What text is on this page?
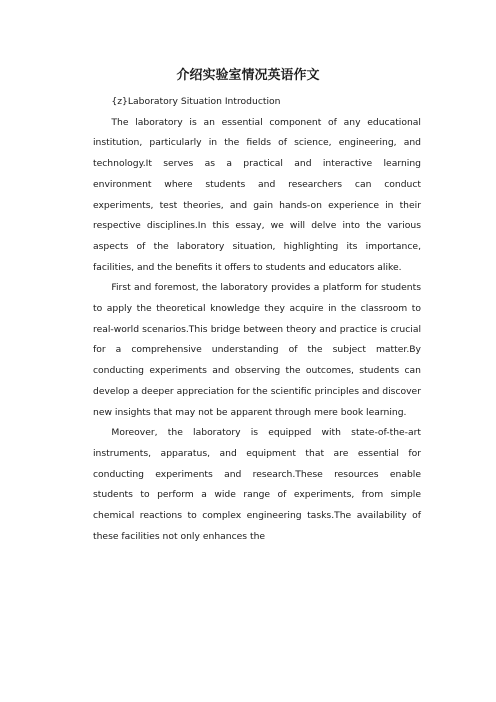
介绍实验室情况英语作文

{z}Laboratory Situation Introduction

The laboratory is an essential component of any educational institution, particularly in the fields of science, engineering, and technology.It serves as a practical and interactive learning environment where students and researchers can conduct experiments, test theories, and gain hands-on experience in their respective disciplines.In this essay, we will delve into the various aspects of the laboratory situation, highlighting its importance, facilities, and the benefits it offers to students and educators alike.

First and foremost, the laboratory provides a platform for students to apply the theoretical knowledge they acquire in the classroom to real-world scenarios.This bridge between theory and practice is crucial for a comprehensive understanding of the subject matter.By conducting experiments and observing the outcomes, students can develop a deeper appreciation for the scientific principles and discover new insights that may not be apparent through mere book learning.

Moreover, the laboratory is equipped with state-of-the-art instruments, apparatus, and equipment that are essential for conducting experiments and research.These resources enable students to perform a wide range of experiments, from simple chemical reactions to complex engineering tasks.The availability of these facilities not only enhances the
